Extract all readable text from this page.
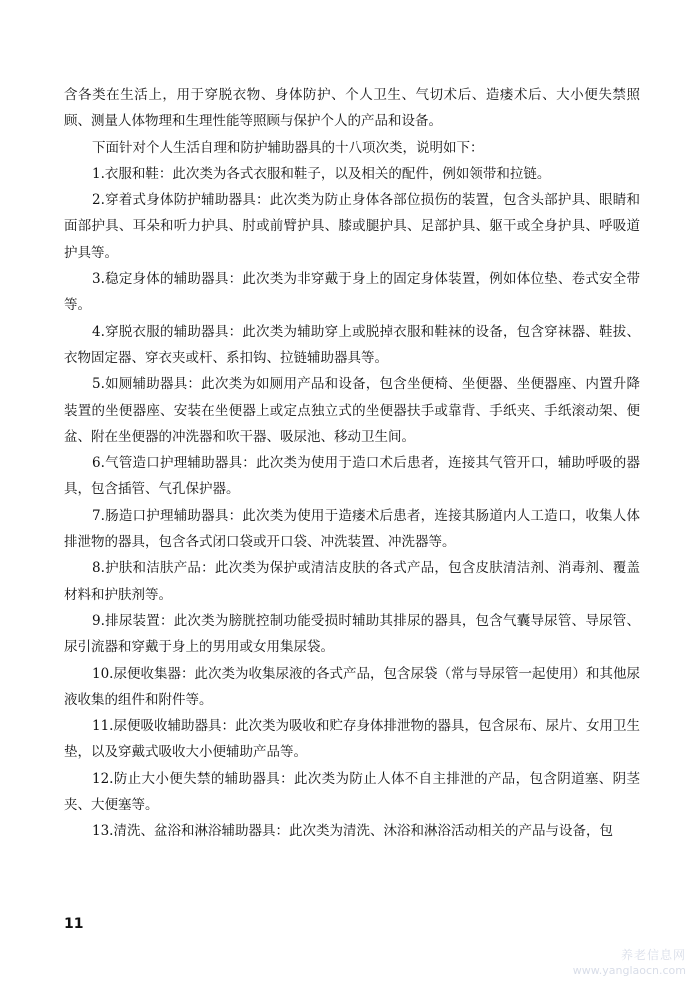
含各类在生活上，用于穿脱衣物、身体防护、个人卫生、气切术后、造瘘术后、大小便失禁照顾、测量人体物理和生理性能等照顾与保护个人的产品和设备。

下面针对个人生活自理和防护辅助器具的十八项次类，说明如下：

1.衣服和鞋：此次类为各式衣服和鞋子，以及相关的配件，例如领带和拉链。

2.穿着式身体防护辅助器具：此次类为防止身体各部位损伤的装置，包含头部护具、眼睛和面部护具、耳朵和听力护具、肘或前臂护具、膝或腿护具、足部护具、躯干或全身护具、呼吸道护具等。

3.稳定身体的辅助器具：此次类为非穿戴于身上的固定身体装置，例如体位垫、卷式安全带等。

4.穿脱衣服的辅助器具：此次类为辅助穿上或脱掉衣服和鞋袜的设备，包含穿袜器、鞋拔、衣物固定器、穿衣夹或杆、系扣钩、拉链辅助器具等。

5.如厕辅助器具：此次类为如厕用产品和设备，包含坐便椅、坐便器、坐便器座、内置升降装置的坐便器座、安装在坐便器上或定点独立式的坐便器扶手或靠背、手纸夹、手纸滚动架、便盆、附在坐便器的冲洗器和吹干器、吸尿池、移动卫生间。

6.气管造口护理辅助器具：此次类为使用于造口术后患者，连接其气管开口，辅助呼吸的器具，包含插管、气孔保护器。

7.肠造口护理辅助器具：此次类为使用于造瘘术后患者，连接其肠道内人工造口，收集人体排泄物的器具，包含各式闭口袋或开口袋、冲洗装置、冲洗器等。

8.护肤和洁肤产品：此次类为保护或清洁皮肤的各式产品，包含皮肤清洁剂、消毒剂、覆盖材料和护肤剂等。

9.排尿装置：此次类为膀胱控制功能受损时辅助其排尿的器具，包含气囊导尿管、导尿管、尿引流器和穿戴于身上的男用或女用集尿袋。

10.尿便收集器：此次类为收集尿液的各式产品，包含尿袋（常与导尿管一起使用）和其他尿液收集的组件和附件等。

11.尿便吸收辅助器具：此次类为吸收和贮存身体排泄物的器具，包含尿布、尿片、女用卫生垫，以及穿戴式吸收大小便辅助产品等。

12.防止大小便失禁的辅助器具：此次类为防止人体不自主排泄的产品，包含阴道塞、阴茎夹、大便塞等。

13.清洗、盆浴和淋浴辅助器具：此次类为清洗、沐浴和淋浴活动相关的产品与设备，包

11
养老信息网
www.yanglaocn.com
